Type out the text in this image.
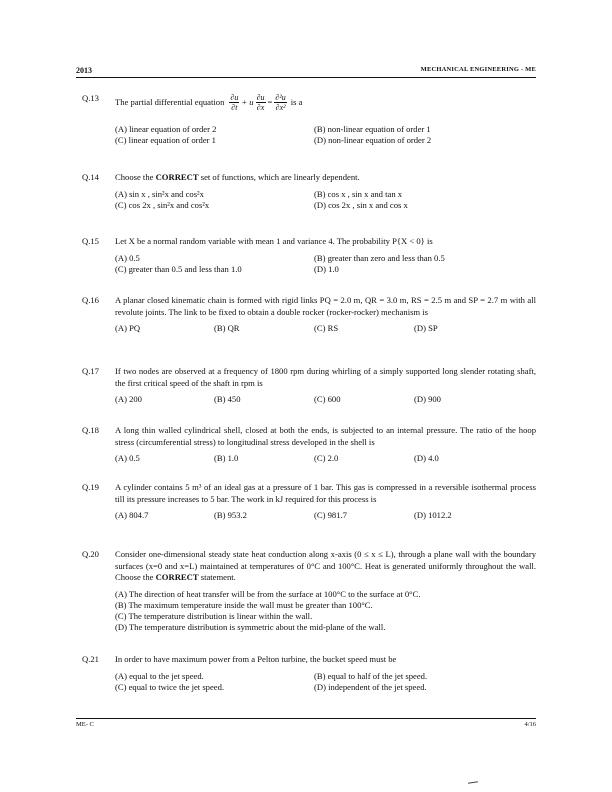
2013	MECHANICAL ENGINEERING - ME
Q.13	The partial differential equation $\frac{\partial u}{\partial t} + u \frac{\partial u}{\partial x} = \frac{\text{∂²u}}{\text{∂x²}}$ is a
(A) linear equation of order 2	(B) non-linear equation of order 1
(C) linear equation of order 1	(D) non-linear equation of order 2
Q.14	Choose the CORRECT set of functions, which are linearly dependent.
(A) sin x , sin²x and cos²x	(B) cos x , sin x and tan x
(C) cos 2x , sin²x and cos²x	(D) cos 2x , sin x and cos x
Q.15	Let X be a normal random variable with mean 1 and variance 4. The probability P{X < 0} is
(A) 0.5	(B) greater than zero and less than 0.5
(C) greater than 0.5 and less than 1.0	(D) 1.0
Q.16	A planar closed kinematic chain is formed with rigid links PQ = 2.0 m, QR = 3.0 m, RS = 2.5 m and SP = 2.7 m with all revolute joints. The link to be fixed to obtain a double rocker (rocker-rocker) mechanism is
(A) PQ	(B) QR	(C) RS	(D) SP
Q.17	If two nodes are observed at a frequency of 1800 rpm during whirling of a simply supported long slender rotating shaft, the first critical speed of the shaft in rpm is
(A) 200	(B) 450	(C) 600	(D) 900
Q.18	A long thin walled cylindrical shell, closed at both the ends, is subjected to an internal pressure. The ratio of the hoop stress (circumferential stress) to longitudinal stress developed in the shell is
(A) 0.5	(B) 1.0	(C) 2.0	(D) 4.0
Q.19	A cylinder contains 5 m³ of an ideal gas at a pressure of 1 bar. This gas is compressed in a reversible isothermal process till its pressure increases to 5 bar. The work in kJ required for this process is
(A) 804.7	(B) 953.2	(C) 981.7	(D) 1012.2
Q.20	Consider one-dimensional steady state heat conduction along x-axis (0 ≤ x ≤ L), through a plane wall with the boundary surfaces (x=0 and x=L) maintained at temperatures of 0°C and 100°C. Heat is generated uniformly throughout the wall. Choose the CORRECT statement.
(A) The direction of heat transfer will be from the surface at 100°C to the surface at 0°C.
(B) The maximum temperature inside the wall must be greater than 100°C.
(C) The temperature distribution is linear within the wall.
(D) The temperature distribution is symmetric about the mid-plane of the wall.
Q.21	In order to have maximum power from a Pelton turbine, the bucket speed must be
(A) equal to the jet speed.	(B) equal to half of the jet speed.
(C) equal to twice the jet speed.	(D) independent of the jet speed.
ME- C	4/16
